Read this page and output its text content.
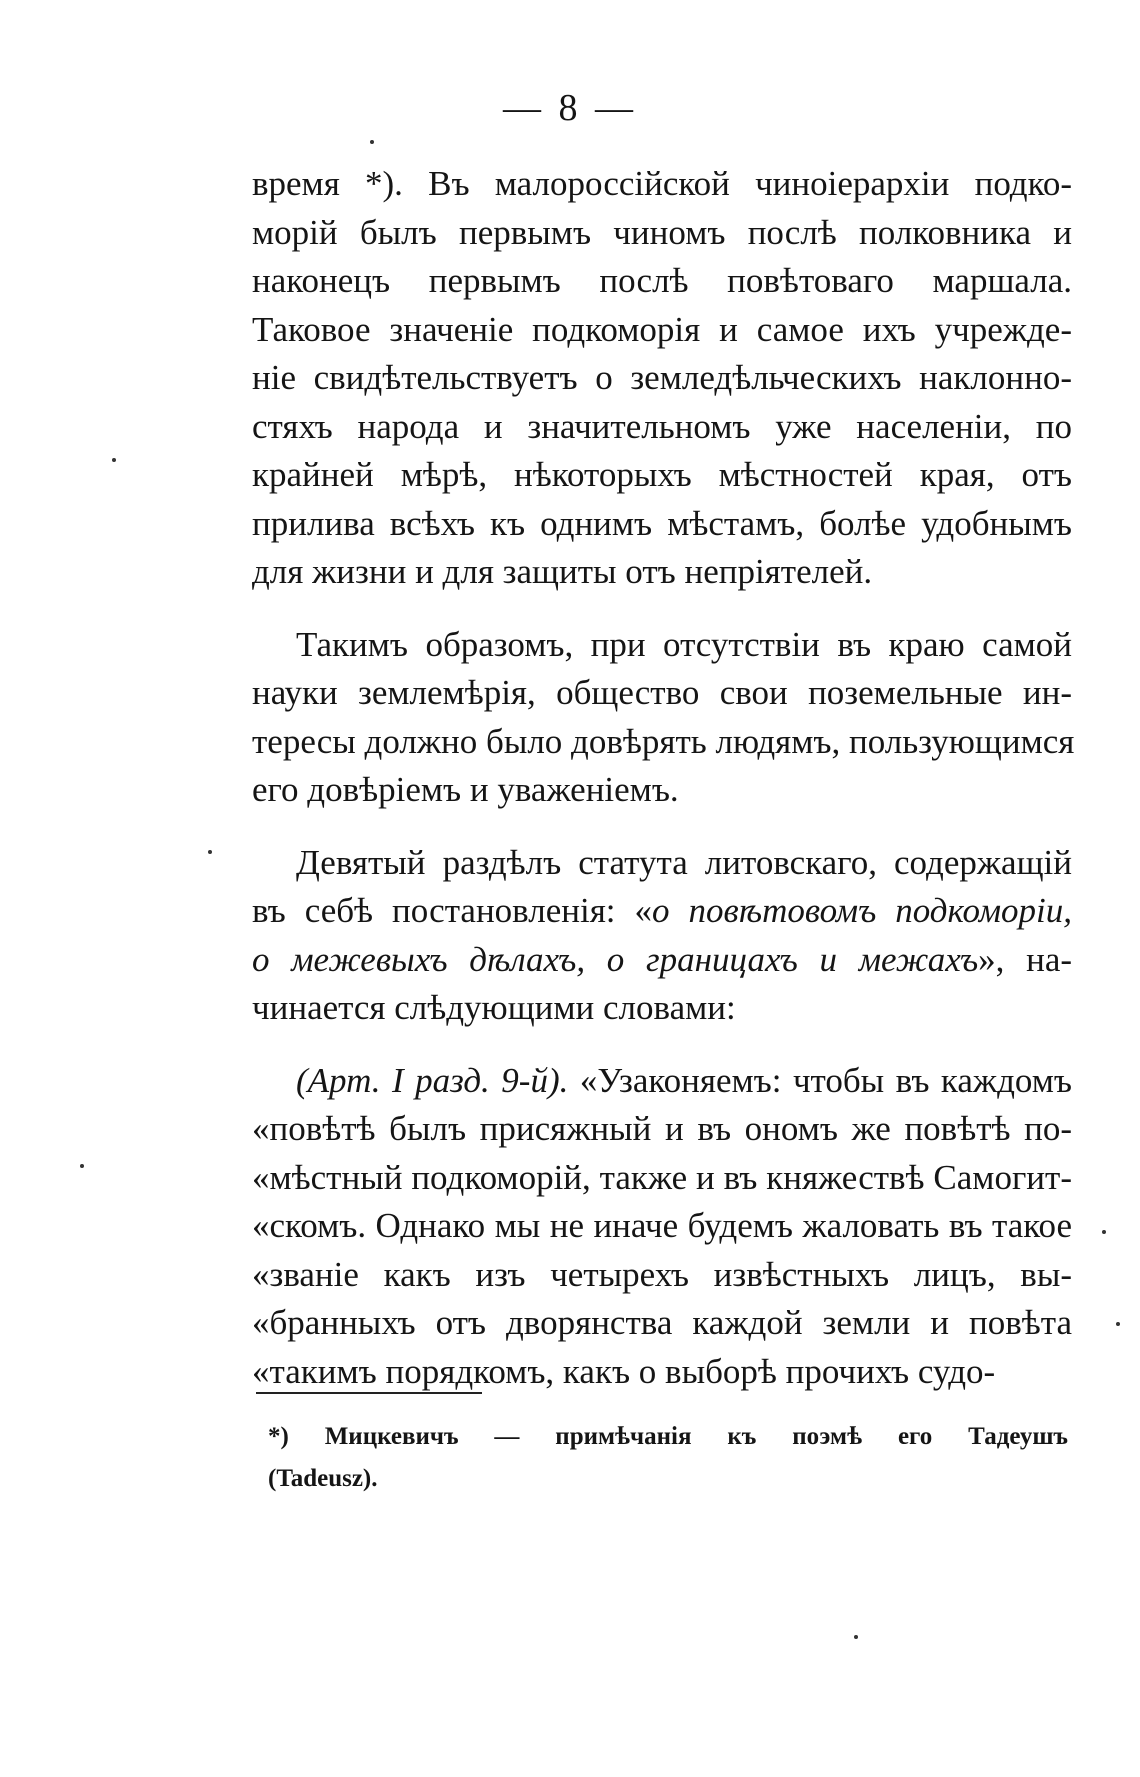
— 8 —

время *). Въ малороссійской чиноіерархіи подко-
морій былъ первымъ чиномъ послѣ полковника и
наконецъ первымъ послѣ повѣтоваго маршала.
Таковое значеніе подкоморія и самое ихъ учрежде-
ніе свидѣтельствуетъ о земледѣльческихъ наклонно-
стяхъ народа и значительномъ уже населеніи, по
крайней мѣрѣ, нѣкоторыхъ мѣстностей края, отъ
прилива всѣхъ къ однимъ мѣстамъ, болѣе удобнымъ
для жизни и для защиты отъ непріятелей.

Такимъ образомъ, при отсутствіи въ краю самой
науки землемѣрія, общество свои поземельные ин-
тересы должно было довѣрять людямъ, пользующимся
его довѣріемъ и уваженіемъ.

Девятый раздѣлъ статута литовскаго, содержащій
въ себѣ постановленія: «о повѣтовомъ подкоморіи,
о межевыхъ дѣлахъ, о границахъ и межахъ», на-
чинается слѣдующими словами:

(Арт. I разд. 9-й). «Узаконяемъ: чтобы въ каждомъ
«повѣтѣ былъ присяжный и въ ономъ же повѣтѣ по-
«мѣстный подкоморій, также и въ княжествѣ Самогит-
«скомъ. Однако мы не иначе будемъ жаловать въ такое
«званіе какъ изъ четырехъ извѣстныхъ лицъ, вы-
«бранныхъ отъ дворянства каждой земли и повѣта
«такимъ порядкомъ, какъ о выборѣ прочихъ судо-

*) Мицкевичъ — примѣчанія къ поэмѣ его Тадеушъ
(Tadeusz).
